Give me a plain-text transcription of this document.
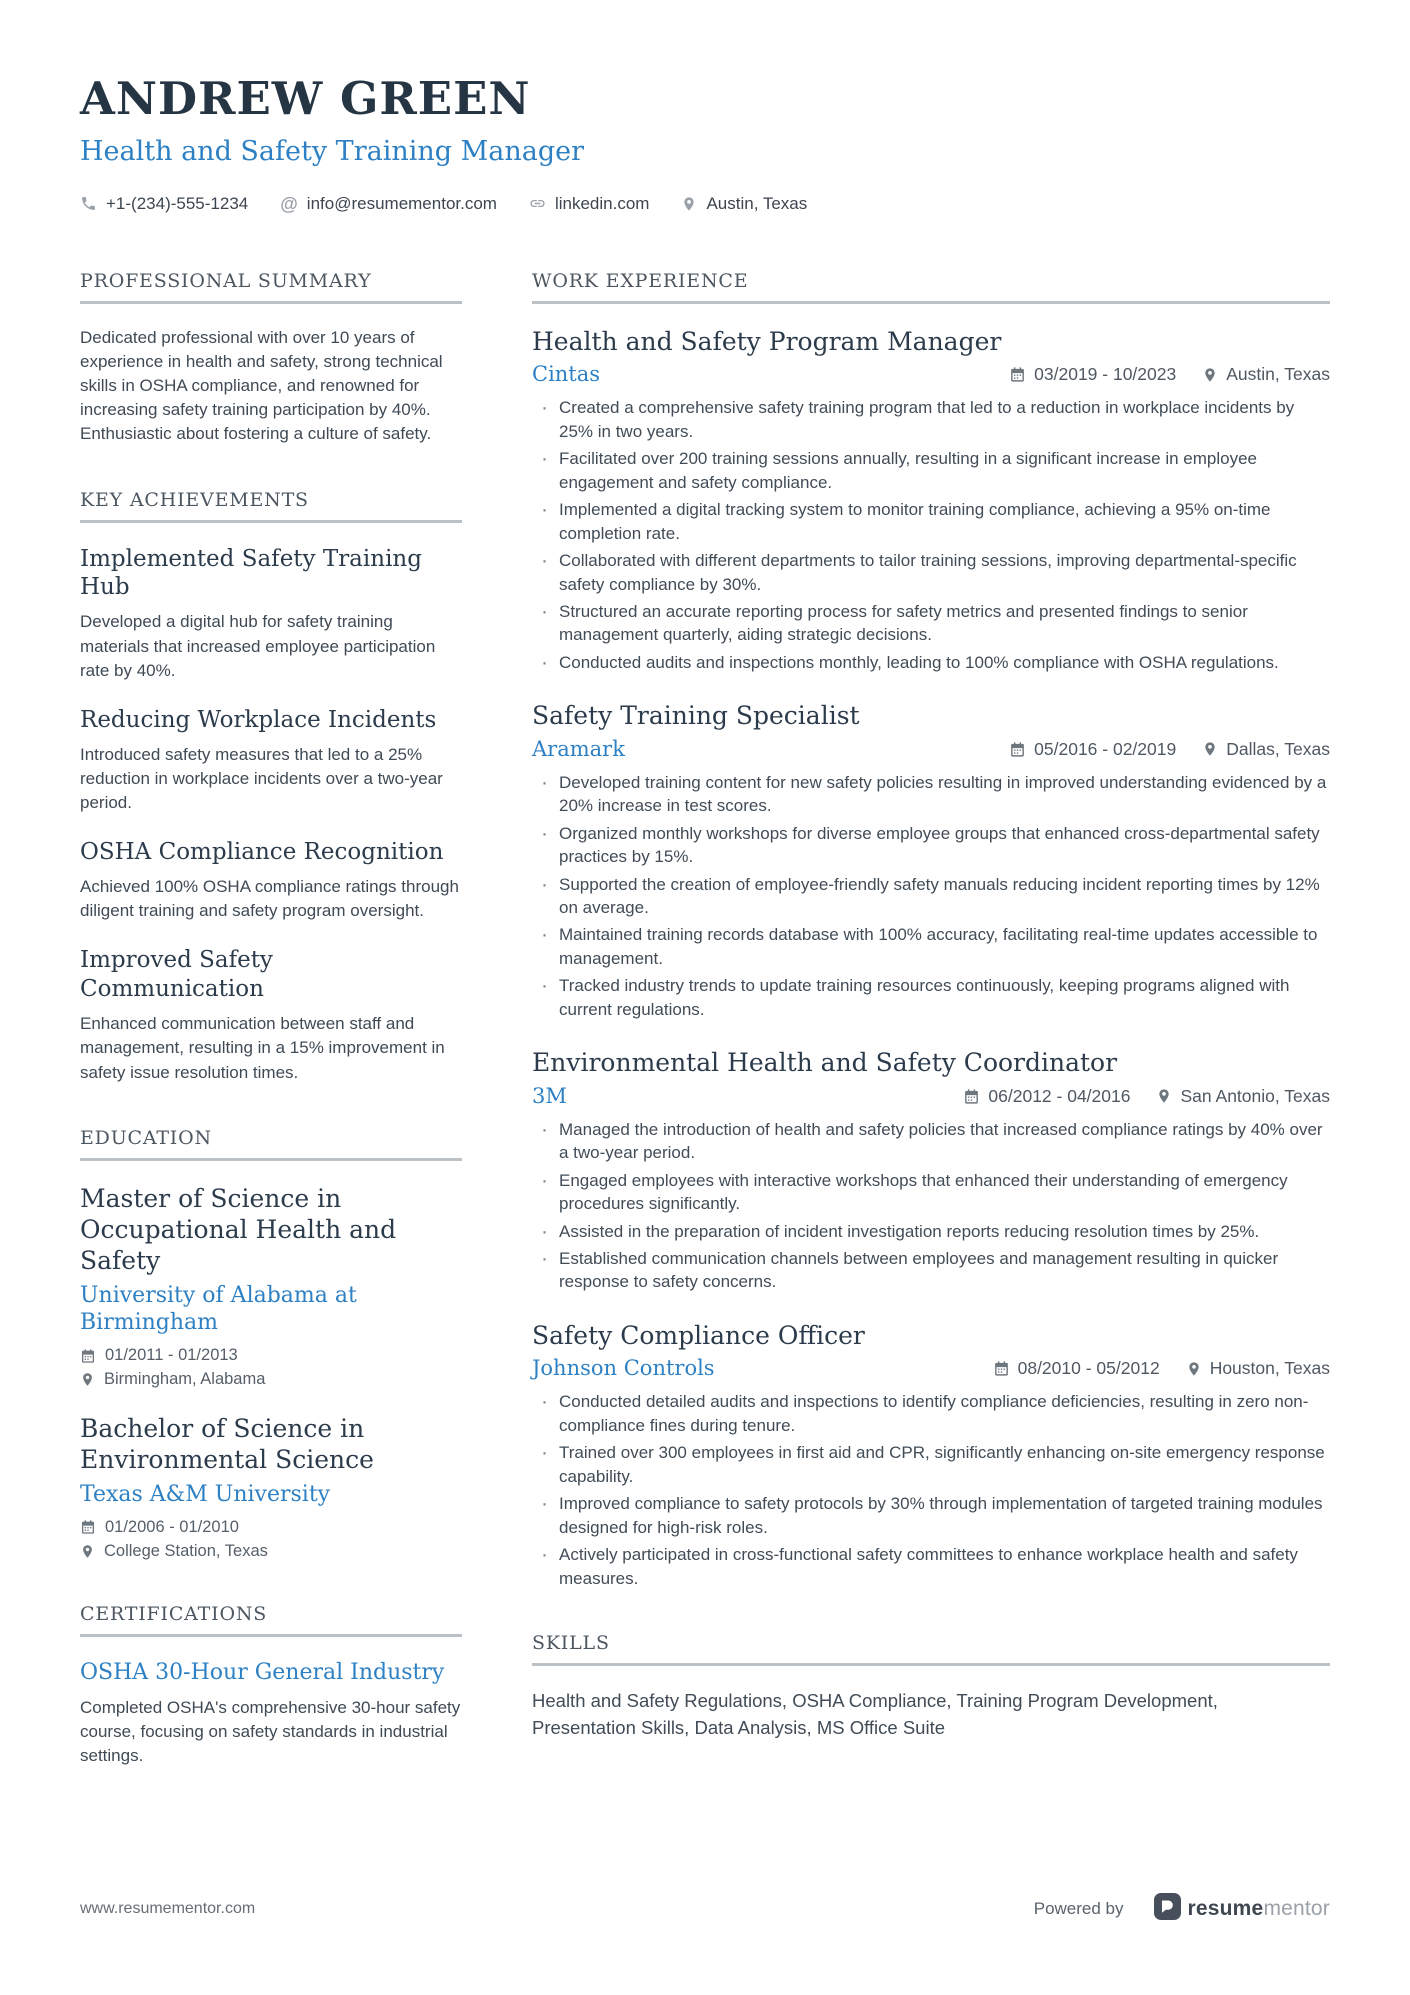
ANDREW GREEN
Health and Safety Training Manager
+1-(234)-555-1234 @ info@resumementor.com	linkedin.com	Austin, Texas
PROFESSIONAL SUMMARY

Dedicated professional with over 10 years of experience in health and safety, strong technical skills in OSHA compliance, and renowned for increasing safety training participation by 40%. Enthusiastic about fostering a culture of safety.

KEY ACHIEVEMENTS
Implemented Safety Training Hub

Developed a digital hub for safety training materials that increased employee participation rate by 40%.

Reducing Workplace Incidents

Introduced safety measures that led to a 25% reduction in workplace incidents over a two-year period.

OSHA Compliance Recognition

Achieved 100% OSHA compliance ratings through diligent training and safety program oversight.

Improved Safety Communication

Enhanced communication between staff and management, resulting in a 15% improvement in safety issue resolution times.

EDUCATION
Master of Science in Occupational Health and Safety
University of Alabama at Birmingham
01/2011 - 01/2013
Birmingham, Alabama
Bachelor of Science in Environmental Science
Texas A&M University
01/2006 - 01/2010
College Station, Texas
CERTIFICATIONS
OSHA 30-Hour General Industry

Completed OSHA's comprehensive 30-hour safety course, focusing on safety standards in industrial settings.

WORK EXPERIENCE
Health and Safety Program Manager
Cintas	03/2019 - 10/2023	Austin, Texas
· Created a comprehensive safety training program that led to a reduction in workplace incidents by 25% in two years.
· Facilitated over 200 training sessions annually, resulting in a significant increase in employee engagement and safety compliance.
· Implemented a digital tracking system to monitor training compliance, achieving a 95% on-time completion rate.
· Collaborated with different departments to tailor training sessions, improving departmental-specific safety compliance by 30%.
· Structured an accurate reporting process for safety metrics and presented findings to senior management quarterly, aiding strategic decisions.
· Conducted audits and inspections monthly, leading to 100% compliance with OSHA regulations.
Safety Training Specialist
Aramark	05/2016 - 02/2019	Dallas, Texas
· Developed training content for new safety policies resulting in improved understanding evidenced by a 20% increase in test scores.
· Organized monthly workshops for diverse employee groups that enhanced cross-departmental safety practices by 15%.
· Supported the creation of employee-friendly safety manuals reducing incident reporting times by 12% on average.
· Maintained training records database with 100% accuracy, facilitating real-time updates accessible to management.
· Tracked industry trends to update training resources continuously, keeping programs aligned with current regulations.
Environmental Health and Safety Coordinator
3M	06/2012 - 04/2016	San Antonio, Texas
· Managed the introduction of health and safety policies that increased compliance ratings by 40% over a two-year period.
· Engaged employees with interactive workshops that enhanced their understanding of emergency procedures significantly.
· Assisted in the preparation of incident investigation reports reducing resolution times by 25%.
· Established communication channels between employees and management resulting in quicker response to safety concerns.
Safety Compliance Officer
Johnson Controls	08/2010 - 05/2012	Houston, Texas
· Conducted detailed audits and inspections to identify compliance deficiencies, resulting in zero non-compliance fines during tenure.
· Trained over 300 employees in first aid and CPR, significantly enhancing on-site emergency response capability.
· Improved compliance to safety protocols by 30% through implementation of targeted training modules designed for high-risk roles.
· Actively participated in cross-functional safety committees to enhance workplace health and safety measures.
SKILLS

Health and Safety Regulations, OSHA Compliance, Training Program Development, Presentation Skills, Data Analysis, MS Office Suite

www.resumementor.com	Powered by	resumementor
